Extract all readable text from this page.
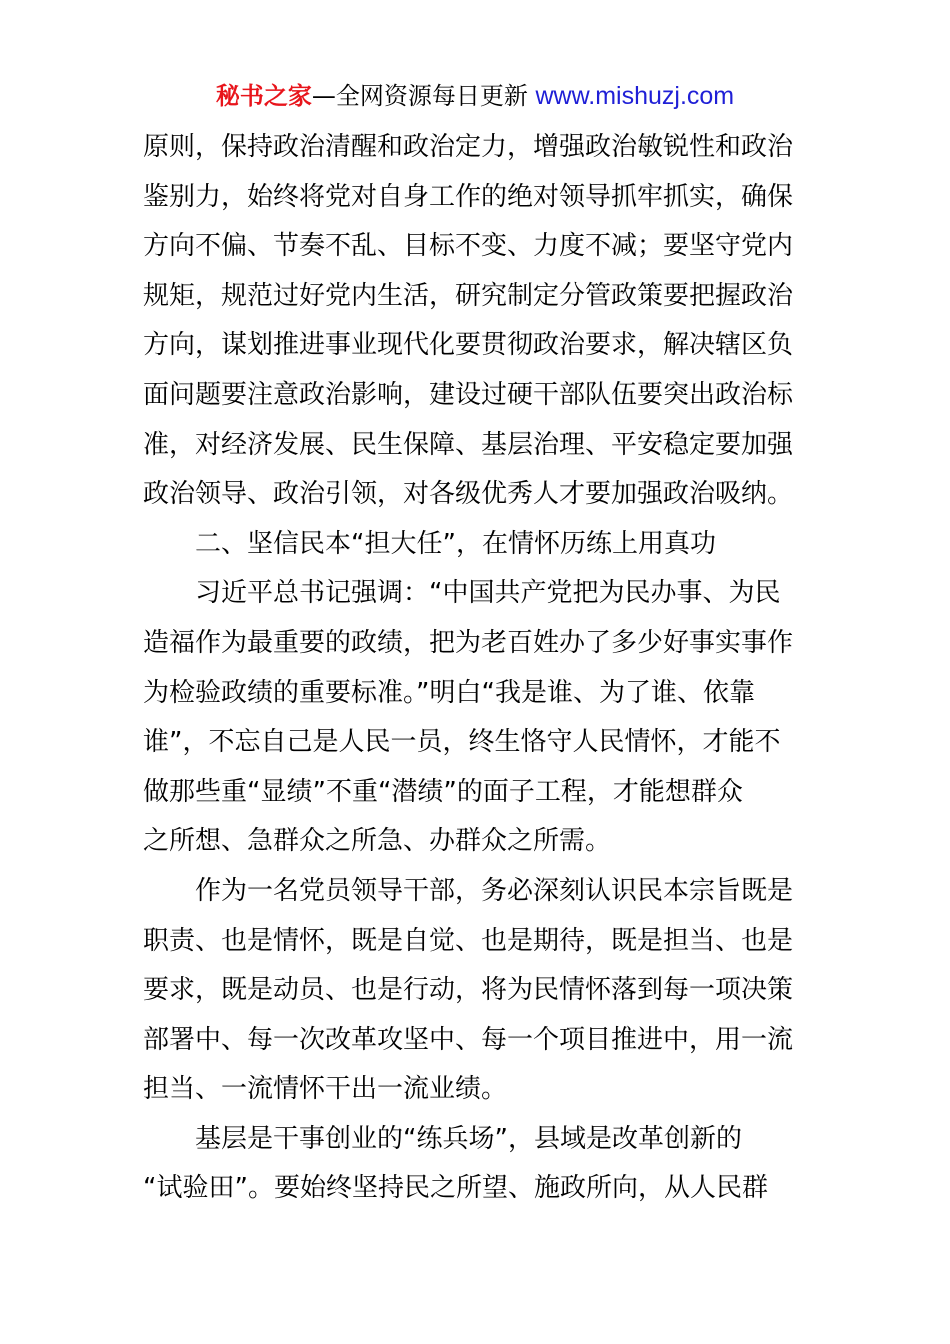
秘书之家—全网资源每日更新 www.mishuzj.com
原则，保持政治清醒和政治定力，增强政治敏锐性和政治
鉴别力，始终将党对自身工作的绝对领导抓牢抓实，确保
方向不偏、节奏不乱、目标不变、力度不减；要坚守党内
规矩，规范过好党内生活，研究制定分管政策要把握政治
方向，谋划推进事业现代化要贯彻政治要求，解决辖区负
面问题要注意政治影响，建设过硬干部队伍要突出政治标
准，对经济发展、民生保障、基层治理、平安稳定要加强
政治领导、政治引领，对各级优秀人才要加强政治吸纳。
二、坚信民本“担大任”，在情怀历练上用真功
习近平总书记强调：“中国共产党把为民办事、为民
造福作为最重要的政绩，把为老百姓办了多少好事实事作
为检验政绩的重要标准。”明白“我是谁、为了谁、依靠
谁”，不忘自己是人民一员，终生恪守人民情怀，才能不
做那些重“显绩”不重“潜绩”的面子工程，才能想群众
之所想、急群众之所急、办群众之所需。
作为一名党员领导干部，务必深刻认识民本宗旨既是
职责、也是情怀，既是自觉、也是期待，既是担当、也是
要求，既是动员、也是行动，将为民情怀落到每一项决策
部署中、每一次改革攻坚中、每一个项目推进中，用一流
担当、一流情怀干出一流业绩。
基层是干事创业的“练兵场”，县域是改革创新的
“试验田”。要始终坚持民之所望、施政所向，从人民群
